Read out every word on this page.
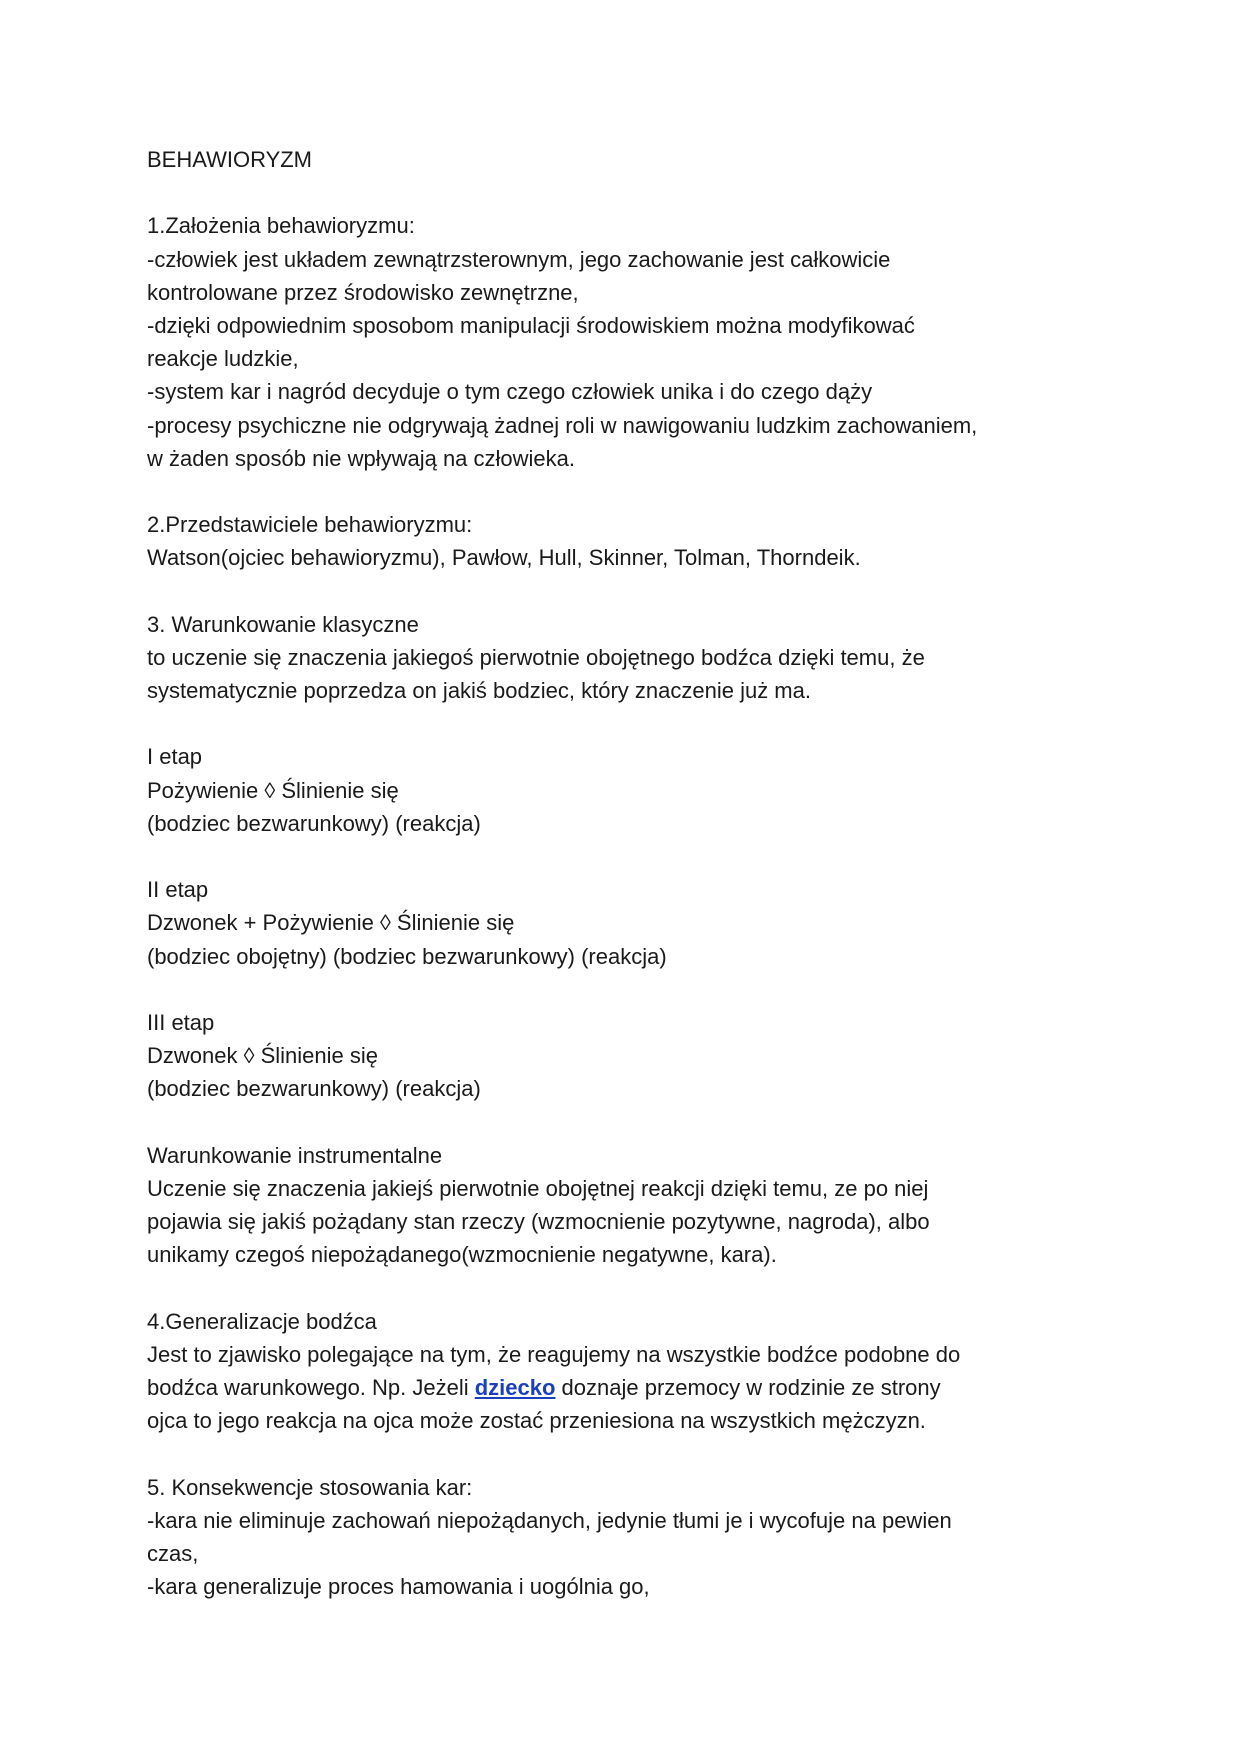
BEHAWIORYZM
1.Założenia behawioryzmu:
-człowiek jest układem zewnątrzsterownym, jego zachowanie jest całkowicie
kontrolowane przez środowisko zewnętrzne,
-dzięki odpowiednim sposobom manipulacji środowiskiem można modyfikować
reakcje ludzkie,
-system kar i nagród decyduje o tym czego człowiek unika i do czego dąży
-procesy psychiczne nie odgrywają żadnej roli w nawigowaniu ludzkim zachowaniem,
w żaden sposób nie wpływają na człowieka.
2.Przedstawiciele behawioryzmu:
Watson(ojciec behawioryzmu), Pawłow, Hull, Skinner, Tolman, Thorndeik.
3. Warunkowanie klasyczne
to uczenie się znaczenia jakiegoś pierwotnie obojętnego bodźca dzięki temu, że
systematycznie poprzedza on jakiś bodziec, który znaczenie już ma.
I etap
Pożywienie ◊ Ślinienie się
(bodziec bezwarunkowy) (reakcja)
II etap
Dzwonek + Pożywienie ◊ Ślinienie się
(bodziec obojętny) (bodziec bezwarunkowy) (reakcja)
III etap
Dzwonek ◊ Ślinienie się
(bodziec bezwarunkowy) (reakcja)
Warunkowanie instrumentalne
Uczenie się znaczenia jakiejś pierwotnie obojętnej reakcji dzięki temu, ze po niej
pojawia się jakiś pożądany stan rzeczy (wzmocnienie pozytywne, nagroda), albo
unikamy czegoś niepożądanego(wzmocnienie negatywne, kara).
4.Generalizacje bodźca
Jest to zjawisko polegające na tym, że reagujemy na wszystkie bodźce podobne do
bodźca warunkowego. Np. Jeżeli dziecko doznaje przemocy w rodzinie ze strony
ojca to jego reakcja na ojca może zostać przeniesiona na wszystkich mężczyzn.
5. Konsekwencje stosowania kar:
-kara nie eliminuje zachowań niepożądanych, jedynie tłumi je i wycofuje na pewien
czas,
-kara generalizuje proces hamowania i uogólnia go,
